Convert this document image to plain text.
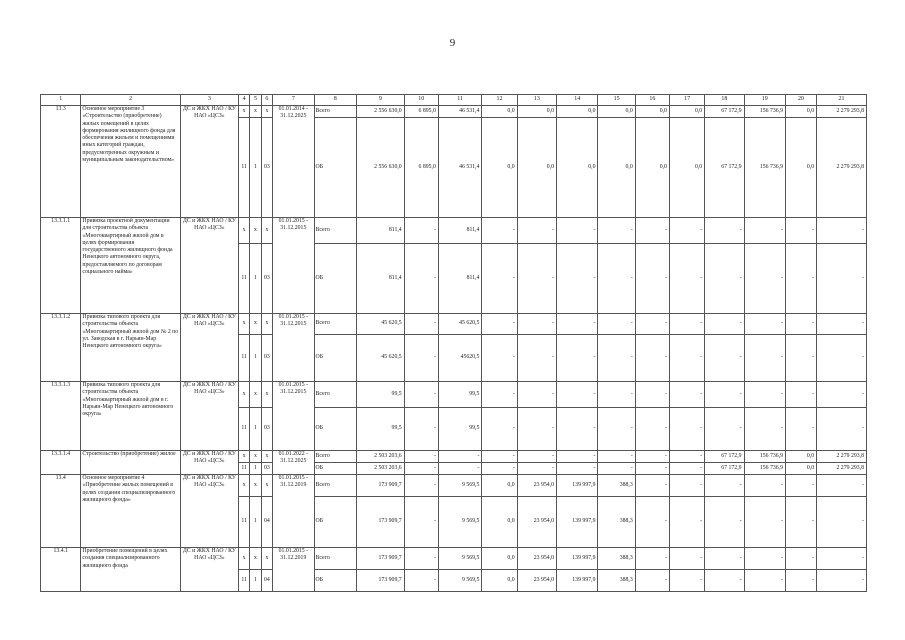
9
1	2	3	4	5	6	7	8	9	10	11	12	13	14	15	16	17	18	19	20	21
13.3	Основное мероприятие 3 «Строительство (приобретение) жилых помещений в целях формирования жилищного фонда для обеспечения жильем и помещениями иных категорий граждан, предусмотренных окружным и муниципальным законодательством»	ДС и ЖКХ НАО / КУ НАО «ЦСЗ»	х	х	х	01.01.2014 - 31.12.2025	Всего	2 556 630,0	6 895,0	46 531,4	0,0	0,0	0,0	0,0	0,0	0,0	67 172,9	156 736,9	0,0	2 279 293,8
			11	1	03		ОБ	2 556 630,0	6 895,0	46 531,4	0,0	0,0	0,0	0,0	0,0	0,0	67 172,9	156 736,9	0,0	2 279 293,8
13.3.1.1	Привязка проектной документации для строительства объекта «Многоквартирный жилой дом в целях формирования государственного жилищного фонда Ненецкого автономного округа, предоставляемого по договорам социального найма»	ДС и ЖКХ НАО / КУ НАО «ЦСЗ»	х	х	х	01.01.2015 - 31.12.2015	Всего	811,4	-	811,4	-	-	-	-	-	-	-	-	-	-
			11	1	03		ОБ	811,4	-	811,4	-	-	-	-	-	-	-	-	-	-
13.3.1.2	Привязка типового проекта для строительства объекта «Многоквартирный жилой дом № 2 по ул. Заводская в г. Нарьян-Мар Ненецкого автономного округа»	ДС и ЖКХ НАО / КУ НАО «ЦСЗ»	х	х	х	01.01.2015 - 31.12.2015	Всего	45 620,5	-	45 620,5	-	-	-	-	-	-	-	-	-	-
			11	1	03		ОБ	45 620,5	-	45620,5	-	-	-	-	-	-	-	-	-	-
13.3.1.3	Привязка типового проекта для строительства объекта «Многоквартирный жилой дом в г. Нарьян-Мар Ненецкого автономного округа»	ДС и ЖКХ НАО / КУ НАО «ЦСЗ»	х	х	х	01.01.2015 - 31.12.2015	Всего	99,5	-	99,5	-	-	-	-	-	-	-	-	-	-
			11	1	03		ОБ	99,5	-	99,5	-	-	-	-	-	-	-	-	-	-
13.3.1.4	Строительство (приобретение) жилое	ДС и ЖКХ НАО / КУ НАО «ЦСЗ»	х	х	х	01.01.2022 - 31.12.2025	Всего	2 503 203,6	-	-	-	-	-	-	-	-	67 172,9	156 736,9	0,0	2 279 293,8
			11	1	03		ОБ	2 503 203,6	-	-	-	-	-	-	-	-	67 172,9	156 736,9	0,0	2 279 293,8
13.4	Основное мероприятие 4 «Приобретение жилых помещений в целях создания специализированного жилищного фонда»	ДС и ЖКХ НАО / КУ НАО «ЦСЗ»	х	х	х	01.01.2015 - 31.12.2019	Всего	173 909,7	-	9 569,5	0,0	23 954,0	139 997,9	388,3	-	-	-	-	-	-
			11	1	04		ОБ	173 909,7	-	9 569,5	0,0	23 954,0	139 997,9	388,3	-	-	-	-	-	-
13.4.1	Приобретение помещений в целях создания специализированного жилищного фонда	ДС и ЖКХ НАО / КУ НАО «ЦСЗ»	х	х	х	01.01.2015 - 31.12.2019	Всего	173 909,7	-	9 569,5	0,0	23 954,0	139 997,9	388,3	-	-	-	-	-	-
			11	1	04		ОБ	173 909,7	-	9 569,5	0,0	23 954,0	139 997,9	388,3	-	-	-	-	-	-
